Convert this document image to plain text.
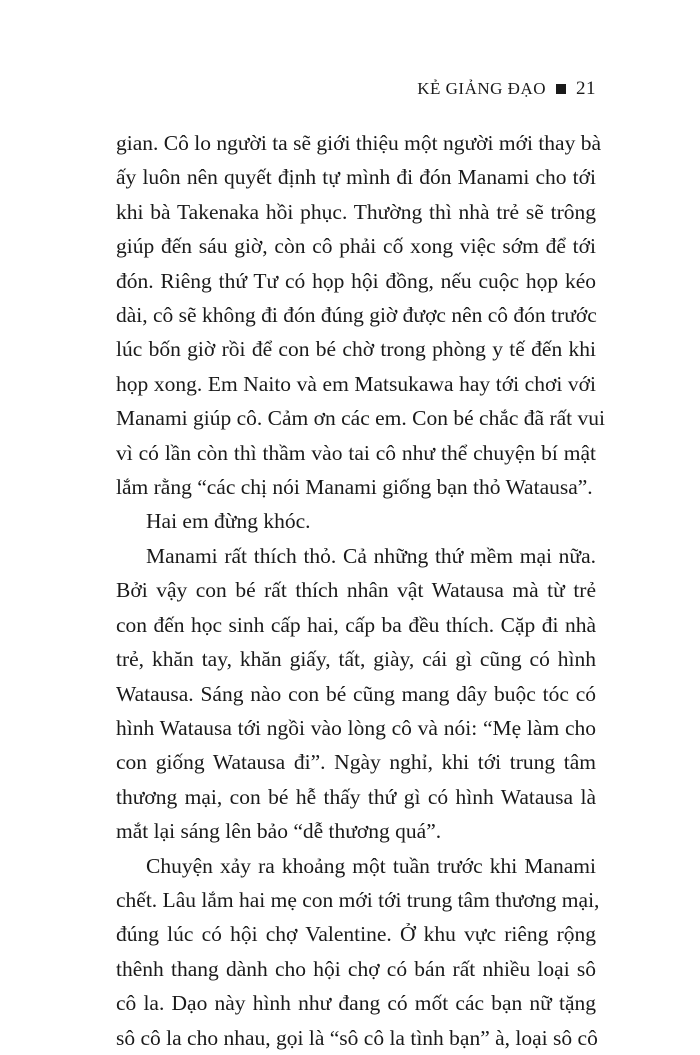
KẺ GIẢNG ĐẠO 21
gian. Cô lo người ta sẽ giới thiệu một người mới thay bà
ấy luôn nên quyết định tự mình đi đón Manami cho tới
khi bà Takenaka hồi phục. Thường thì nhà trẻ sẽ trông
giúp đến sáu giờ, còn cô phải cố xong việc sớm để tới
đón. Riêng thứ Tư có họp hội đồng, nếu cuộc họp kéo
dài, cô sẽ không đi đón đúng giờ được nên cô đón trước
lúc bốn giờ rồi để con bé chờ trong phòng y tế đến khi
họp xong. Em Naito và em Matsukawa hay tới chơi với
Manami giúp cô. Cảm ơn các em. Con bé chắc đã rất vui
vì có lần còn thì thầm vào tai cô như thể chuyện bí mật
lắm rằng “các chị nói Manami giống bạn thỏ Watausa”.
Hai em đừng khóc.
Manami rất thích thỏ. Cả những thứ mềm mại nữa.
Bởi vậy con bé rất thích nhân vật Watausa mà từ trẻ
con đến học sinh cấp hai, cấp ba đều thích. Cặp đi nhà
trẻ, khăn tay, khăn giấy, tất, giày, cái gì cũng có hình
Watausa. Sáng nào con bé cũng mang dây buộc tóc có
hình Watausa tới ngồi vào lòng cô và nói: “Mẹ làm cho
con giống Watausa đi”. Ngày nghỉ, khi tới trung tâm
thương mại, con bé hễ thấy thứ gì có hình Watausa là
mắt lại sáng lên bảo “dễ thương quá”.
Chuyện xảy ra khoảng một tuần trước khi Manami
chết. Lâu lắm hai mẹ con mới tới trung tâm thương mại,
đúng lúc có hội chợ Valentine. Ở khu vực riêng rộng
thênh thang dành cho hội chợ có bán rất nhiều loại sô
cô la. Dạo này hình như đang có mốt các bạn nữ tặng
sô cô la cho nhau, gọi là “sô cô la tình bạn” à, loại sô cô
